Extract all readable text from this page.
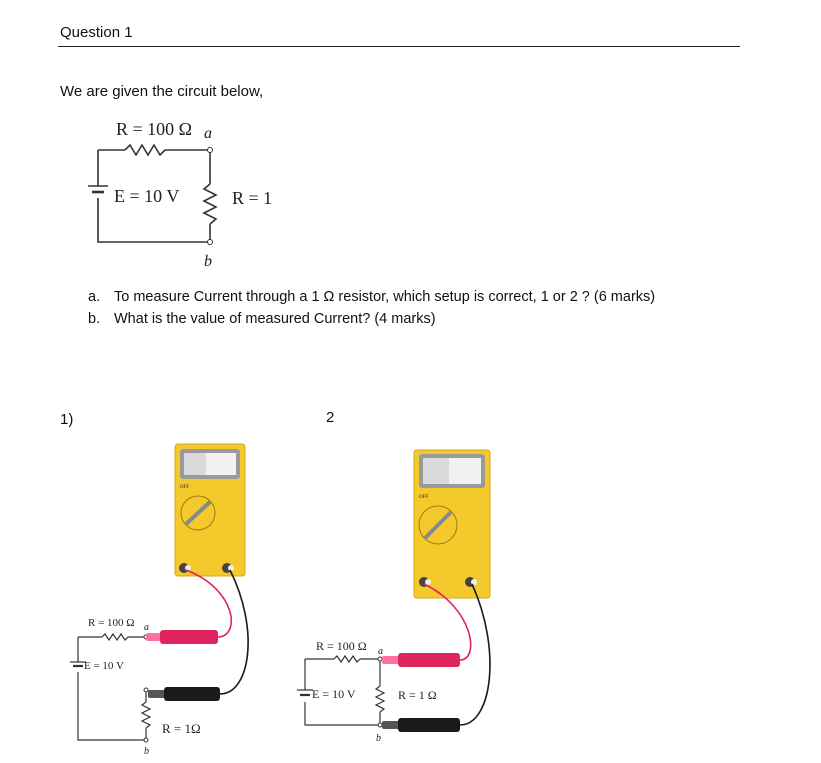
Question 1
We are given the circuit below,
R = 100 Ω a
E = 10 V	R = 1
b
a. To measure Current through a 1 Ω resistor, which setup is correct, 1 or 2 ? (6 marks)
b. What is the value of measured Current? (4 marks)
1)	2
OFF
R = 100 Ω a
E = 10 V
R = 1Ω
b
OFF
R = 100 Ω a
E = 10 V	R = 1 Ω
b
